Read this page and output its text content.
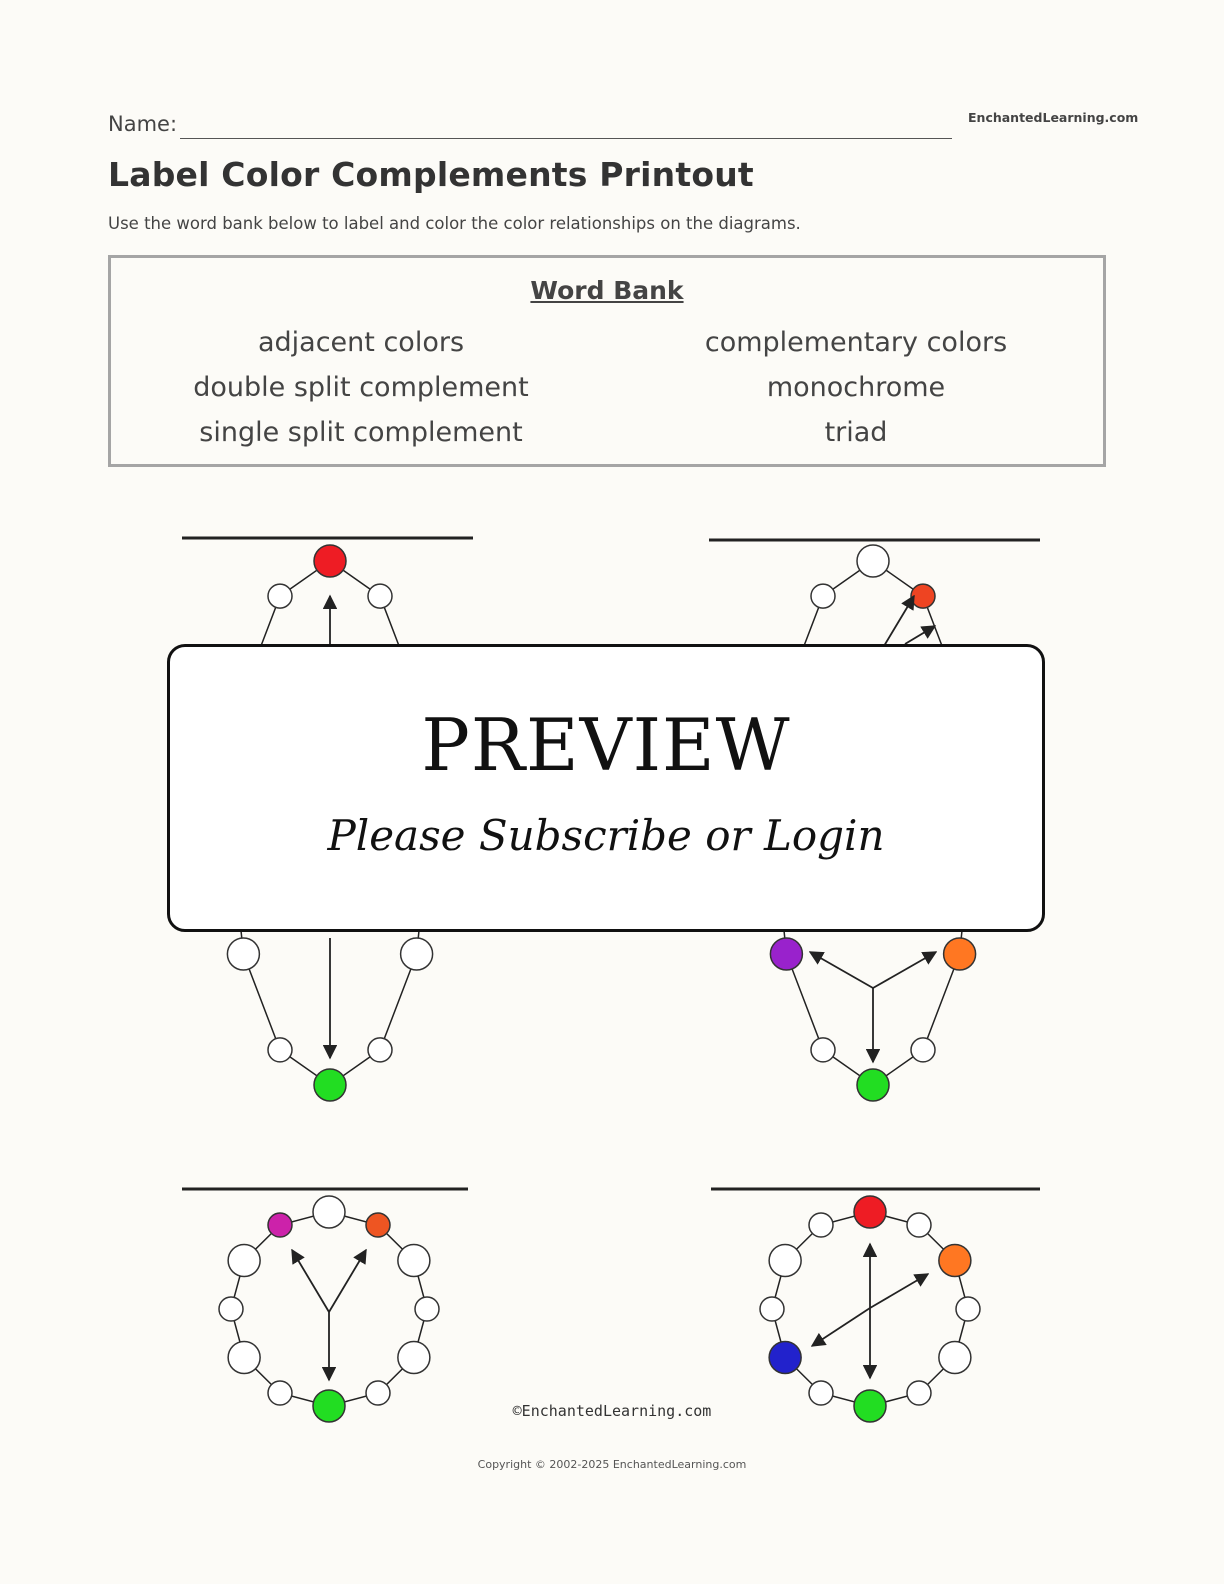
Name:	EnchantedLearning.com
Label Color Complements Printout

Use the word bank below to label and color the color relationships on the diagrams.

Word Bank
adjacent colors
double split complement
single split complement
complementary colors
monochrome
triad
PREVIEW
Please Subscribe or Login
©EnchantedLearning.com
Copyright © 2002-2025 EnchantedLearning.com
